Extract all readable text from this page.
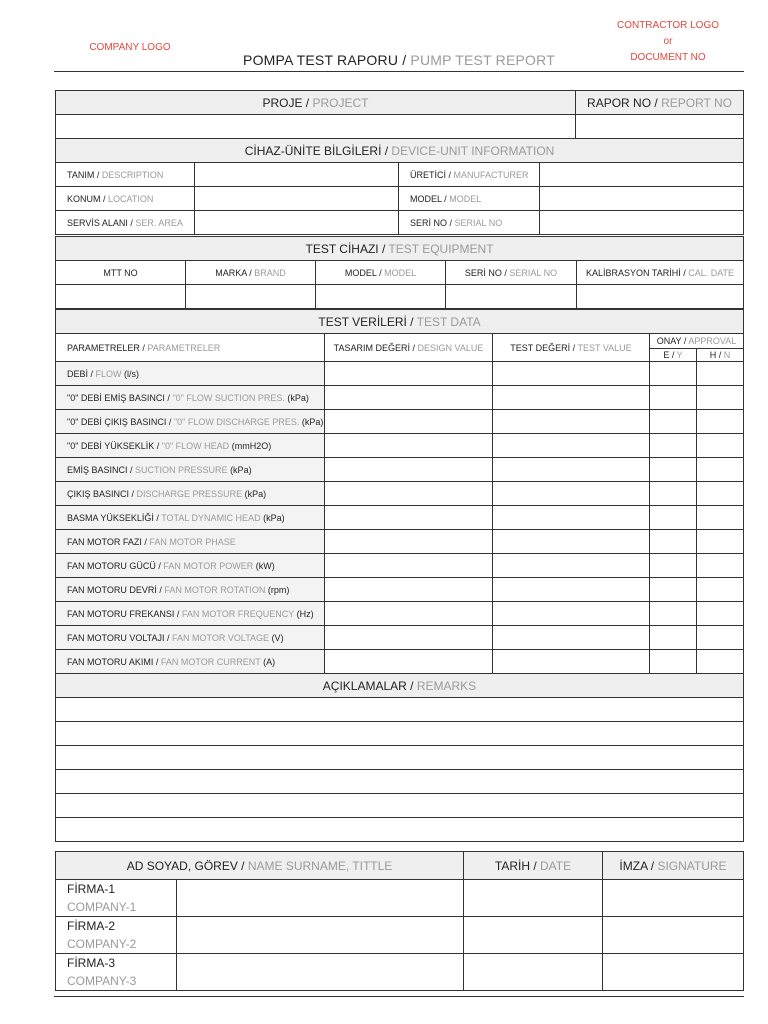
COMPANY LOGO
CONTRACTOR LOGO
or
DOCUMENT NO
POMPA TEST RAPORU / PUMP TEST REPORT
PROJE / PROJECT	RAPOR NO / REPORT NO

CİHAZ-ÜNİTE BİLGİLERİ / DEVICE-UNIT INFORMATION			
TANIM / DESCRIPTION		ÜRETİCİ / MANUFACTURER	
KONUM / LOCATION		MODEL / MODEL	
SERVİS ALANI / SER. AREA		SERİ NO / SERIAL NO	
TEST CİHAZI / TEST EQUIPMENT				
MTT NO	MARKA / BRAND	MODEL / MODEL	SERİ NO / SERIAL NO	KALİBRASYON TARİHİ / CAL. DATE

TEST VERİLERİ / TEST DATA				
PARAMETRELER / PARAMETRELER	TASARIM DEĞERİ / DESIGN VALUE	TEST DEĞERİ / TEST VALUE	ONAY / APPROVAL	
			E / Y	H / N
DEBİ / FLOW (l/s)				
"0" DEBİ EMİŞ BASINCI / "0" FLOW SUCTION PRES. (kPa)				
"0" DEBİ ÇIKIŞ BASINCI / "0" FLOW DISCHARGE PRES. (kPa)				
"0" DEBİ YÜKSEKLİK / "0" FLOW HEAD (mmH2O)				
EMİŞ BASINCI / SUCTION PRESSURE (kPa)				
ÇIKIŞ BASINCI / DISCHARGE PRESSURE (kPa)				
BASMA YÜKSEKLİĞİ / TOTAL DYNAMIC HEAD (kPa)				
FAN MOTOR FAZI / FAN MOTOR PHASE				
FAN MOTORU GÜCÜ / FAN MOTOR POWER (kW)				
FAN MOTORU DEVRİ / FAN MOTOR ROTATION (rpm)				
FAN MOTORU FREKANSI / FAN MOTOR FREQUENCY (Hz)				
FAN MOTORU VOLTAJI / FAN MOTOR VOLTAGE (V)				
FAN MOTORU AKIMI / FAN MOTOR CURRENT (A)				
AÇIKLAMALAR / REMARKS				

AD SOYAD, GÖREV / NAME SURNAME, TITTLE		TARİH / DATE	İMZA / SIGNATURE

FİRMA-1
COMPANY-1			

FİRMA-2
COMPANY-2			

FİRMA-3
COMPANY-3			
